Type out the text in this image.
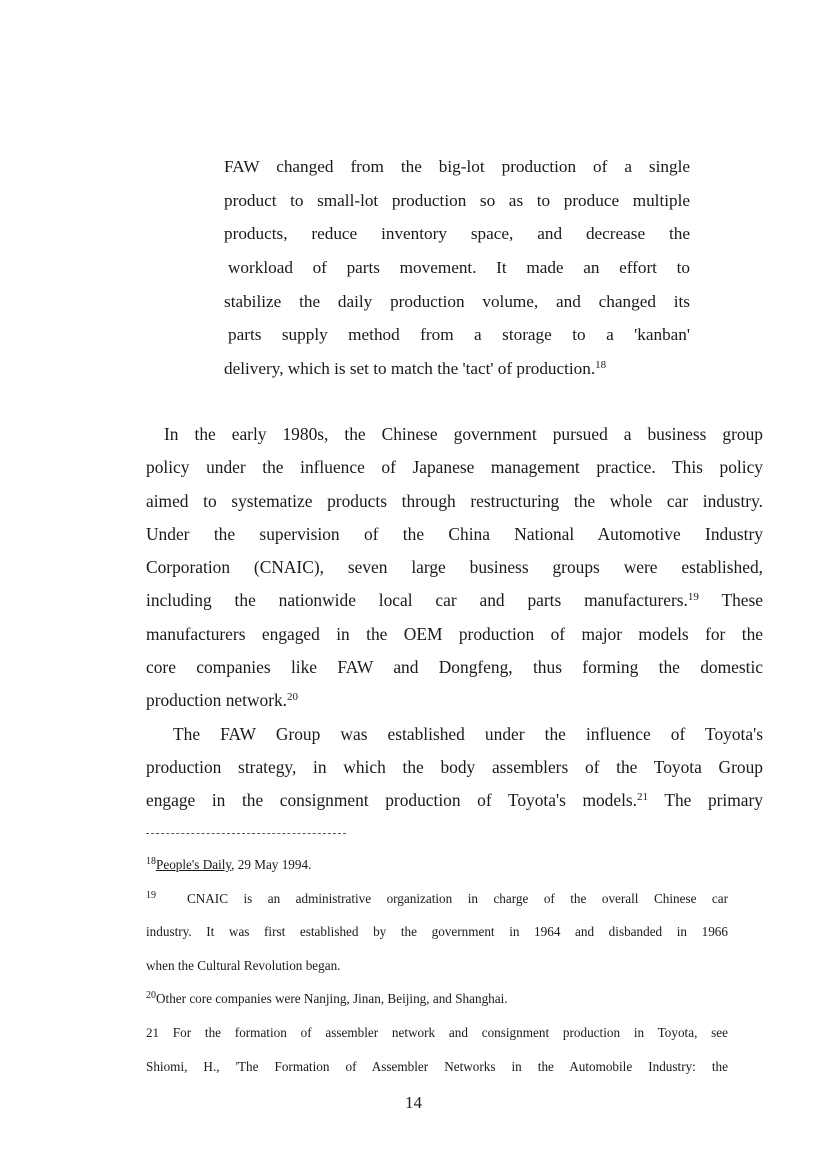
FAW changed from the big-lot production of a single
product to small-lot production so as to produce multiple
products, reduce inventory space, and decrease the
workload of parts movement. It made an effort to
stabilize the daily production volume, and changed its
parts supply method from a storage to a 'kanban'
delivery, which is set to match the 'tact' of production.$^{18}$
In the early 1980s, the Chinese government pursued a business group
policy under the influence of Japanese management practice. This policy
aimed to systematize products through restructuring the whole car industry.
Under the supervision of the China National Automotive Industry
Corporation (CNAIC), seven large business groups were established,
including the nationwide local car and parts manufacturers.$^{19}$ These
manufacturers engaged in the OEM production of major models for the
core companies like FAW and Dongfeng, thus forming the domestic
production network.$^{20}$
The FAW Group was established under the influence of Toyota's
production strategy, in which the body assemblers of the Toyota Group
engage in the consignment production of Toyota's models.$^{21}$ The primary
$^{18}$People's Daily, 29 May 1994.
$^{19}$ CNAIC is an administrative organization in charge of the overall Chinese car
industry. It was first established by the government in 1964 and disbanded in 1966
when the Cultural Revolution began.
$^{20}$Other core companies were Nanjing, Jinan, Beijing, and Shanghai.
21 For the formation of assembler network and consignment production in Toyota, see
Shiomi, H., 'The Formation of Assembler Networks in the Automobile Industry: the
14
